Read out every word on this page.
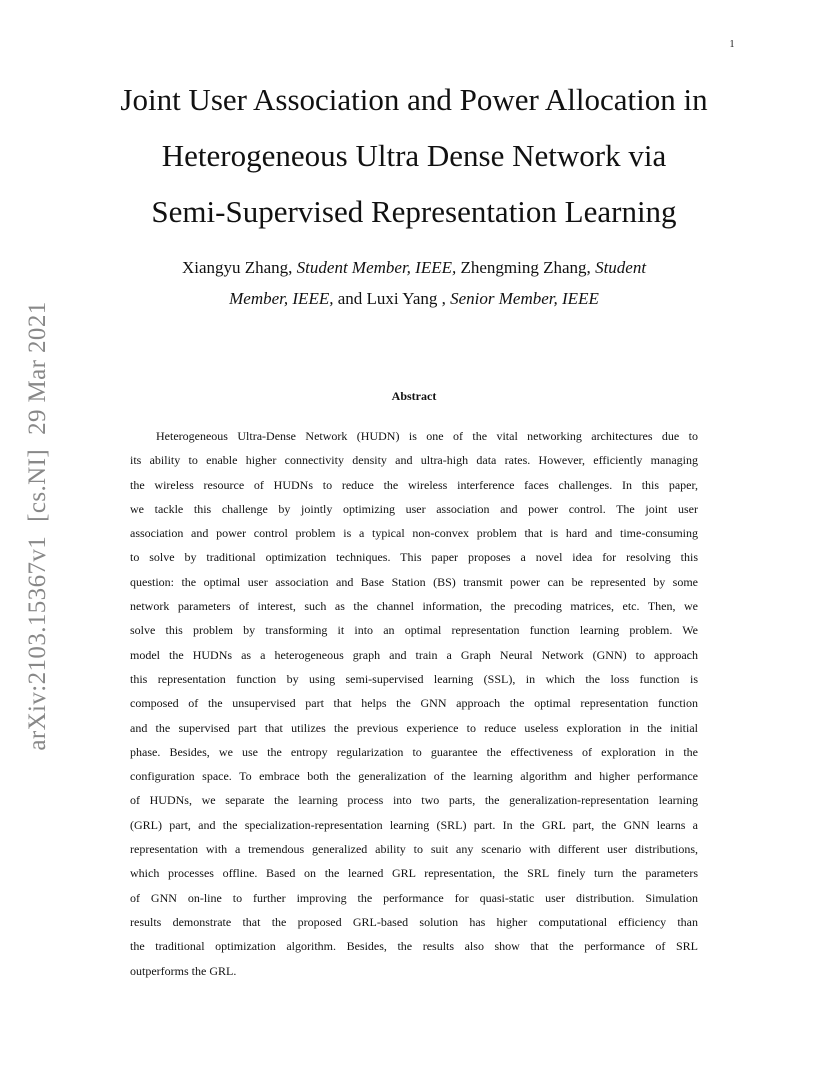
1
arXiv:2103.15367v1[cs.NI]29 Mar 2021
Joint User Association and Power Allocation in
Heterogeneous Ultra Dense Network via
Semi-Supervised Representation Learning
Xiangyu Zhang, Student Member, IEEE, Zhengming Zhang, Student
Member, IEEE, and Luxi Yang , Senior Member, IEEE
Abstract
Heterogeneous Ultra-Dense Network (HUDN) is one of the vital networking architectures due to
its ability to enable higher connectivity density and ultra-high data rates. However, efficiently managing
the wireless resource of HUDNs to reduce the wireless interference faces challenges. In this paper,
we tackle this challenge by jointly optimizing user association and power control. The joint user
association and power control problem is a typical non-convex problem that is hard and time-consuming
to solve by traditional optimization techniques. This paper proposes a novel idea for resolving this
question: the optimal user association and Base Station (BS) transmit power can be represented by some
network parameters of interest, such as the channel information, the precoding matrices, etc. Then, we
solve this problem by transforming it into an optimal representation function learning problem. We
model the HUDNs as a heterogeneous graph and train a Graph Neural Network (GNN) to approach
this representation function by using semi-supervised learning (SSL), in which the loss function is
composed of the unsupervised part that helps the GNN approach the optimal representation function
and the supervised part that utilizes the previous experience to reduce useless exploration in the initial
phase. Besides, we use the entropy regularization to guarantee the effectiveness of exploration in the
configuration space. To embrace both the generalization of the learning algorithm and higher performance
of HUDNs, we separate the learning process into two parts, the generalization-representation learning
(GRL) part, and the specialization-representation learning (SRL) part. In the GRL part, the GNN learns a
representation with a tremendous generalized ability to suit any scenario with different user distributions,
which processes offline. Based on the learned GRL representation, the SRL finely turn the parameters
of GNN on-line to further improving the performance for quasi-static user distribution. Simulation
results demonstrate that the proposed GRL-based solution has higher computational efficiency than
the traditional optimization algorithm. Besides, the results also show that the performance of SRL
outperforms the GRL.
